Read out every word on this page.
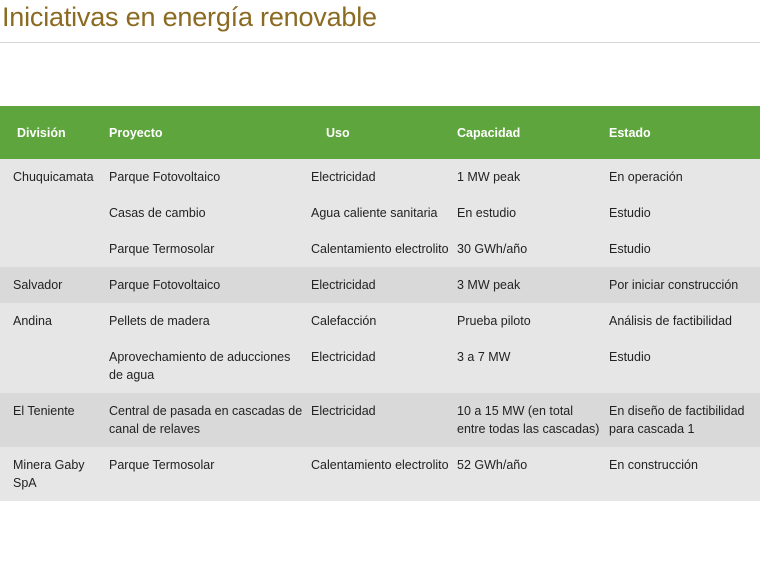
Iniciativas en energía renovable
División	Proyecto	Uso	Capacidad	Estado
Chuquicamata	Parque Fotovoltaico	Electricidad	1 MW peak	En operación
	Casas de cambio	Agua caliente sanitaria	En estudio	Estudio
	Parque Termosolar	Calentamiento electrolito	30 GWh/año	Estudio
Salvador	Parque Fotovoltaico	Electricidad	3 MW peak	Por iniciar construcción
Andina	Pellets de madera	Calefacción	Prueba piloto	Análisis de factibilidad
	Aprovechamiento de aducciones de agua	Electricidad	3 a 7 MW	Estudio
El Teniente	Central de pasada en cascadas de canal de relaves	Electricidad	10 a 15 MW (en total entre todas las cascadas)	En diseño de factibilidad para cascada 1
Minera Gaby SpA	Parque Termosolar	Calentamiento electrolito	52 GWh/año	En construcción
